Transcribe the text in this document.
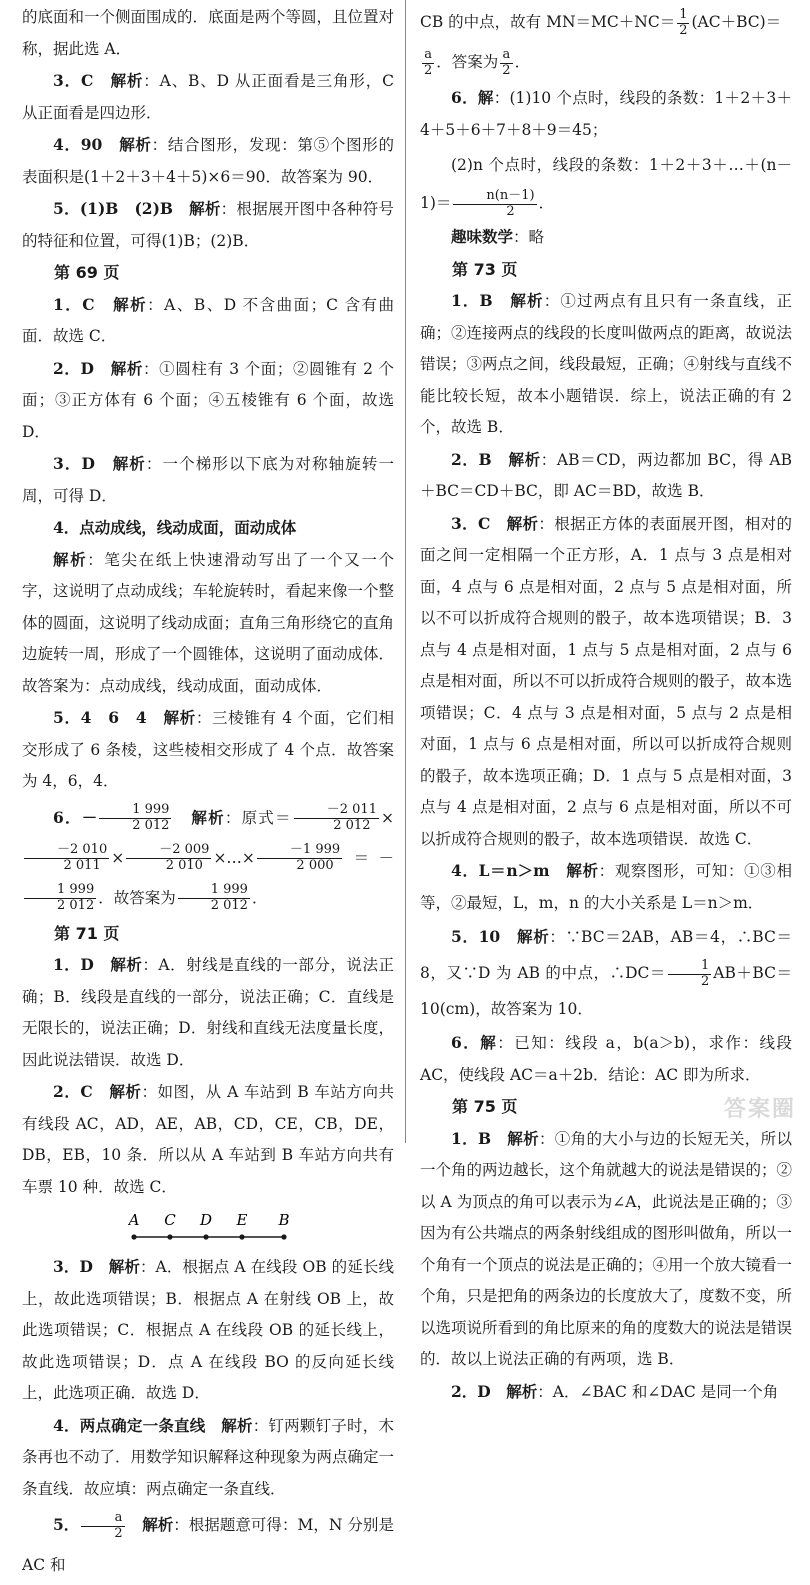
的底面和一个侧面围成的．底面是两个等圆，且位置对称，据此选 A．

3．C　 解析：A、B、D 从正面看是三角形，C 从正面看是四边形．

4．90　 解析：结合图形，发现：第⑤个图形的表面积是(1＋2＋3＋4＋5)×6＝90．故答案为 90．

5．(1)B　(2)B　 解析：根据展开图中各种符号的特征和位置，可得(1)B；(2)B．

第 69 页

1．C　 解析：A、B、D 不含曲面；C 含有曲面．故选 C．

2．D　 解析：①圆柱有 3 个面；②圆锥有 2 个面；③正方体有 6 个面；④五棱锥有 6 个面，故选 D．

3．D　 解析：一个梯形以下底为对称轴旋转一周，可得 D．

4．点动成线，线动成面，面动成体

解析：笔尖在纸上快速滑动写出了一个又一个字，这说明了点动成线；车轮旋转时，看起来像一个整体的圆面，这说明了线动成面；直角三角形绕它的直角边旋转一周，形成了一个圆锥体，这说明了面动成体．故答案为：点动成线，线动成面，面动成体．

5．4　6　4　 解析：三棱锥有 4 个面，它们相交形成了 6 条棱，这些棱相交形成了 4 个点．故答案为 4，6，4．

6．－ $\frac{1 999}{2 012}$
　 解析：原式＝ $\frac{-2 011}{2 012}$ ×
$\frac{-2 010}{2 011} \times \frac{-2 009}{2 010}$ ×…× $\frac{-1 999}{2 000}$ ＝－
$\frac{1 999}{2 012}$ ．故答案为 $\frac{1 999}{2 012}$ ．

第 71 页

1．D　 解析：A．射线是直线的一部分，说法正确；B．线段是直线的一部分，说法正确；C．直线是无限长的，说法正确；D．射线和直线无法度量长度，因此说法错误．故选 D．

2．C　 解析：如图，从 A 车站到 B 车站方向共有线段 AC，AD，AE，AB，CD，CE，CB，DE，DB，EB，10 条．所以从 A 车站到 B 车站方向共有车票 10 种．故选 C．

A C D E B

3．D　 解析：A．根据点 A 在线段 OB 的延长线上，故此选项错误；B．根据点 A 在射线 OB 上，故此选项错误；C．根据点 A 在线段 OB 的延长线上，故此选项错误；D．点 A 在线段 BO 的反向延长线上，此选项正确．故选 D．

4．两点确定一条直线　 解析：钉两颗钉子时，木条再也不动了．用数学知识解释这种现象为两点确定一条直线．故应填：两点确定一条直线．

5． $\frac{a}{2}$
　 解析：根据题意可得：M，N 分别是 AC 和

CB 的中点，故有 $MN=MC+NC= \frac{1}{2} (AC+BC)=$

$\frac{a}{2}$ ．答案为 $\frac{a}{2}$ ．

6．解：(1)10 个点时，线段的条数：1＋2＋3＋4＋5＋6＋7＋8＋9＝45；

(2)n 个点时，线段的条数：1＋2＋3＋…＋(n－1)＝ $\frac{n(n-1)}{2}$ ．

趣味数学：略

第 73 页

1．B　 解析：①过两点有且只有一条直线，正确；②连接两点的线段的长度叫做两点的距离，故说法错误；③两点之间，线段最短，正确；④射线与直线不能比较长短，故本小题错误．综上，说法正确的有 2 个，故选 B．

2．B　 解析：AB＝CD，两边都加 BC，得 AB＋BC＝CD＋BC，即 AC＝BD，故选 B．

3．C　 解析：根据正方体的表面展开图，相对的面之间一定相隔一个正方形，A．1 点与 3 点是相对面，4 点与 6 点是相对面，2 点与 5 点是相对面，所以不可以折成符合规则的骰子，故本选项错误；B．3 点与 4 点是相对面，1 点与 5 点是相对面，2 点与 6 点是相对面，所以不可以折成符合规则的骰子，故本选项错误；C．4 点与 3 点是相对面，5 点与 2 点是相对面，1 点与 6 点是相对面，所以可以折成符合规则的骰子，故本选项正确；D．1 点与 5 点是相对面，3 点与 4 点是相对面，2 点与 6 点是相对面，所以不可以折成符合规则的骰子，故本选项错误．故选 C．

4．L＝n＞m　 解析：观察图形，可知：①③相等，②最短，L，m，n 的大小关系是 L＝n＞m．

5．10　 解析：∵BC＝2AB，AB＝4，∴BC＝8，又∵D 为 AB 的中点，∴DC＝ $\frac{1}{2} AB+BC=10(cm)$，故答案为 10．

6．解：已知：线段 a，b(a＞b)，求作：线段 AC，使线段 AC＝a＋2b．结论：AC 即为所求．

第 75 页

1．B　 解析：①角的大小与边的长短无关，所以一个角的两边越长，这个角就越大的说法是错误的；②以 A 为顶点的角可以表示为∠A，此说法是正确的；③因为有公共端点的两条射线组成的图形叫做角，所以一个角有一个顶点的说法是正确的；④用一个放大镜看一个角，只是把角的两条边的长度放大了，度数不变，所以选项说所看到的角比原来的角的度数大的说法是错误的．故以上说法正确的有两项，选 B．

2．D　 解析：A．∠BAC 和∠DAC 是同一个角

答案圈
